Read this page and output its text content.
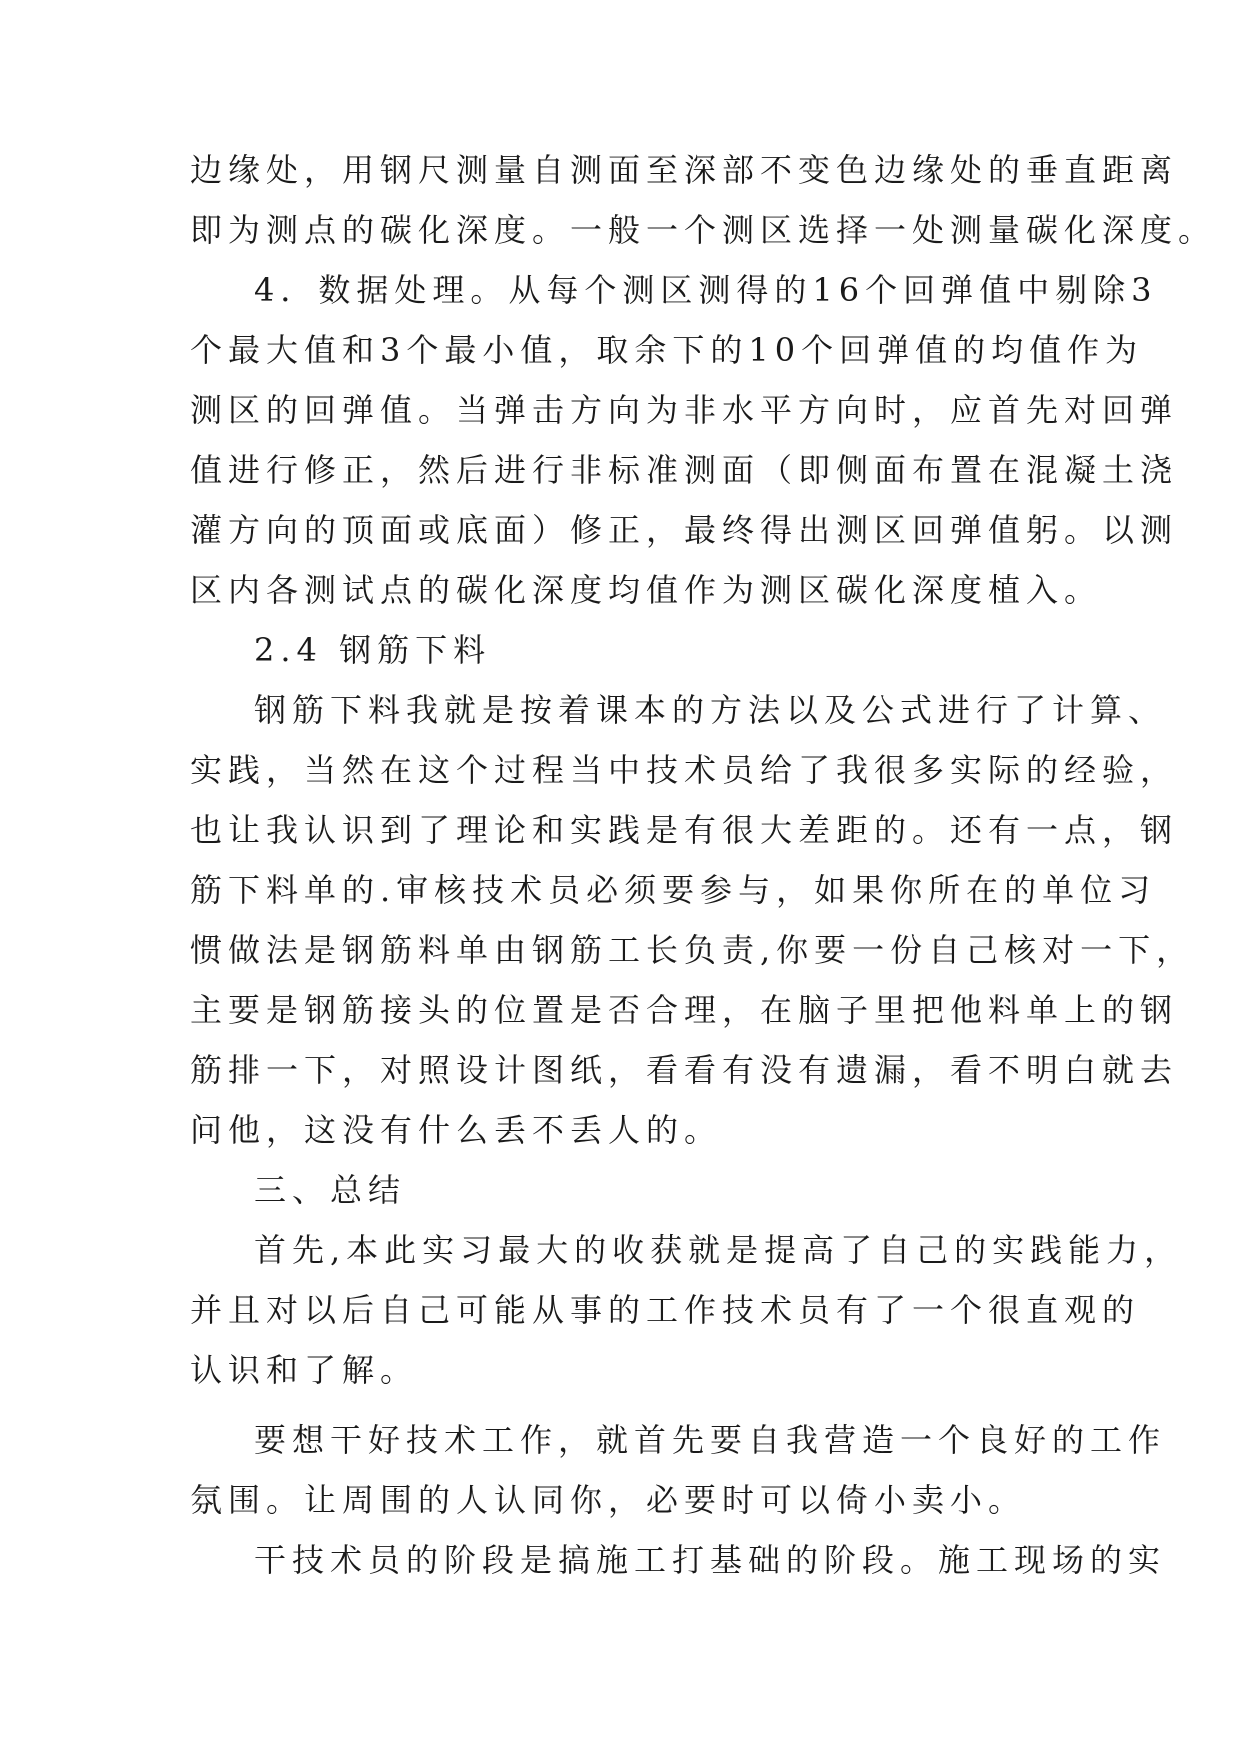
边缘处，用钢尺测量自测面至深部不变色边缘处的垂直距离
即为测点的碳化深度。一般一个测区选择一处测量碳化深度。
4．数据处理。从每个测区测得的16个回弹值中剔除3
个最大值和3个最小值，取余下的10个回弹值的均值作为
测区的回弹值。当弹击方向为非水平方向时，应首先对回弹
值进行修正，然后进行非标准测面（即侧面布置在混凝土浇
灌方向的顶面或底面）修正，最终得出测区回弹值躬。以测
区内各测试点的碳化深度均值作为测区碳化深度植入。
2.4 钢筋下料
钢筋下料我就是按着课本的方法以及公式进行了计算、
实践，当然在这个过程当中技术员给了我很多实际的经验，
也让我认识到了理论和实践是有很大差距的。还有一点，钢
筋下料单的.审核技术员必须要参与，如果你所在的单位习
惯做法是钢筋料单由钢筋工长负责,你要一份自己核对一下，
主要是钢筋接头的位置是否合理，在脑子里把他料单上的钢
筋排一下，对照设计图纸，看看有没有遗漏，看不明白就去
问他，这没有什么丢不丢人的。
三、总结
首先,本此实习最大的收获就是提高了自己的实践能力，
并且对以后自己可能从事的工作技术员有了一个很直观的
认识和了解。
要想干好技术工作，就首先要自我营造一个良好的工作
氛围。让周围的人认同你，必要时可以倚小卖小。
干技术员的阶段是搞施工打基础的阶段。施工现场的实
